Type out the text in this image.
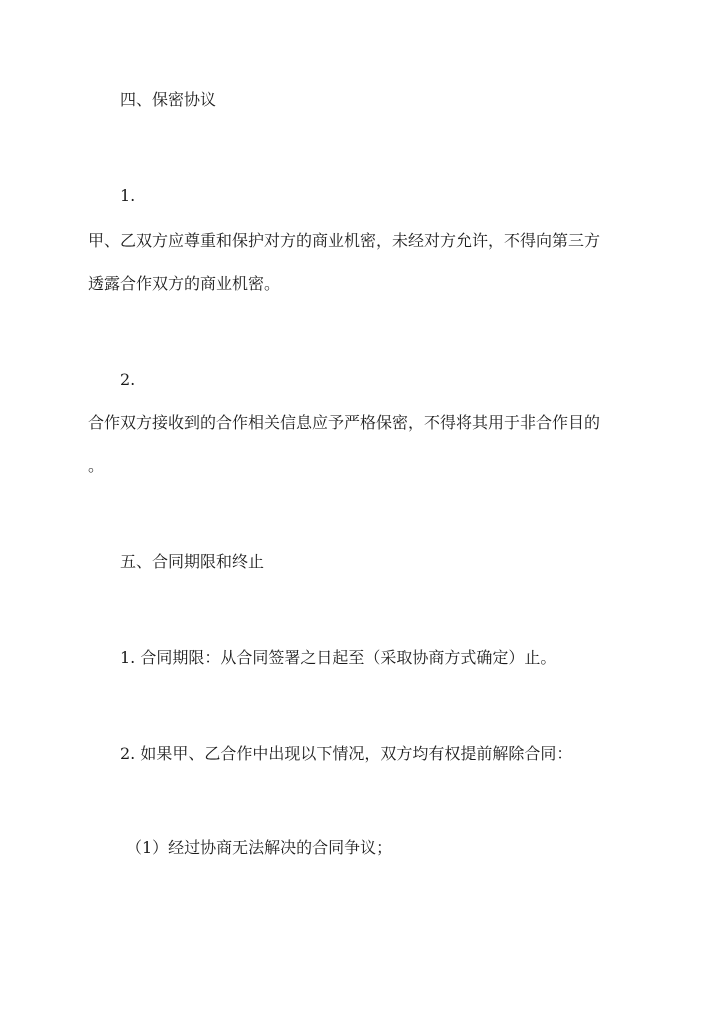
四、保密协议
1.
甲、乙双方应尊重和保护对方的商业机密，未经对方允许，不得向第三方
透露合作双方的商业机密。
2.
合作双方接收到的合作相关信息应予严格保密，不得将其用于非合作目的
。
五、合同期限和终止
1. 合同期限：从合同签署之日起至（采取协商方式确定）止。
2. 如果甲、乙合作中出现以下情况，双方均有权提前解除合同：
（1）经过协商无法解决的合同争议；
